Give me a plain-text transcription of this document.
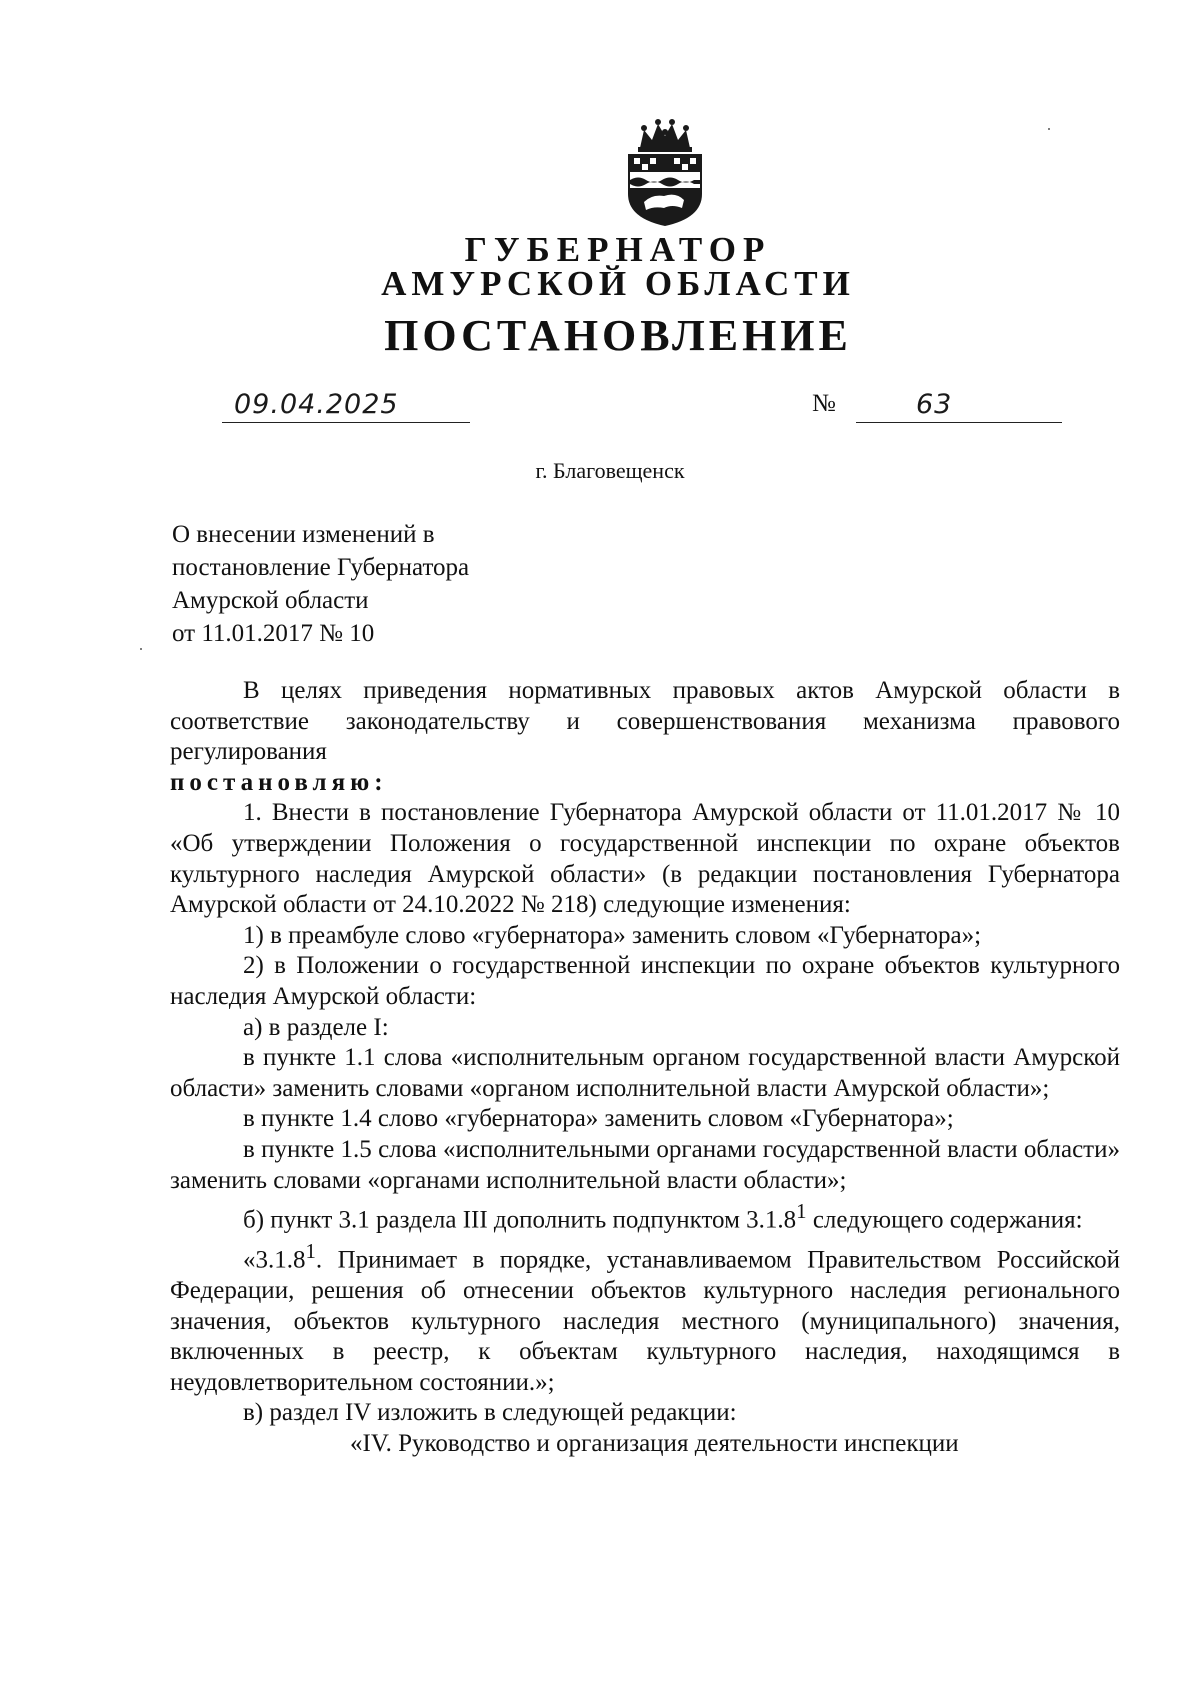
ГУБЕРНАТОР
АМУРСКОЙ ОБЛАСТИ
ПОСТАНОВЛЕНИЕ
09.04.2025	№	63
г. Благовещенск
О внесении изменений в
постановление Губернатора
Амурской области
от 11.01.2017 № 10

В целях приведения нормативных правовых актов Амурской области в соответствие законодательству и совершенствования механизма правового регулирования

постановляю:

1. Внести в постановление Губернатора Амурской области от 11.01.2017 № 10 «Об утверждении Положения о государственной инспекции по охране объектов культурного наследия Амурской области» (в редакции постановления Губернатора Амурской области от 24.10.2022 № 218) следующие изменения:

1) в преамбуле слово «губернатора» заменить словом «Губернатора»;

2) в Положении о государственной инспекции по охране объектов культурного наследия Амурской области:

а) в разделе I:

в пункте 1.1 слова «исполнительным органом государственной власти Амурской области» заменить словами «органом исполнительной власти Амурской области»;

в пункте 1.4 слово «губернатора» заменить словом «Губернатора»;

в пункте 1.5 слова «исполнительными органами государственной власти области» заменить словами «органами исполнительной власти области»;

б) пункт 3.1 раздела III дополнить подпунктом 3.1.8$^1$ следующего содержания:

«3.1.8$^1$. Принимает в порядке, устанавливаемом Правительством Российской Федерации, решения об отнесении объектов культурного наследия регионального значения, объектов культурного наследия местного (муниципального) значения, включенных в реестр, к объектам культурного наследия, находящимся в неудовлетворительном состоянии.»;

в) раздел IV изложить в следующей редакции:

«IV. Руководство и организация деятельности инспекции
